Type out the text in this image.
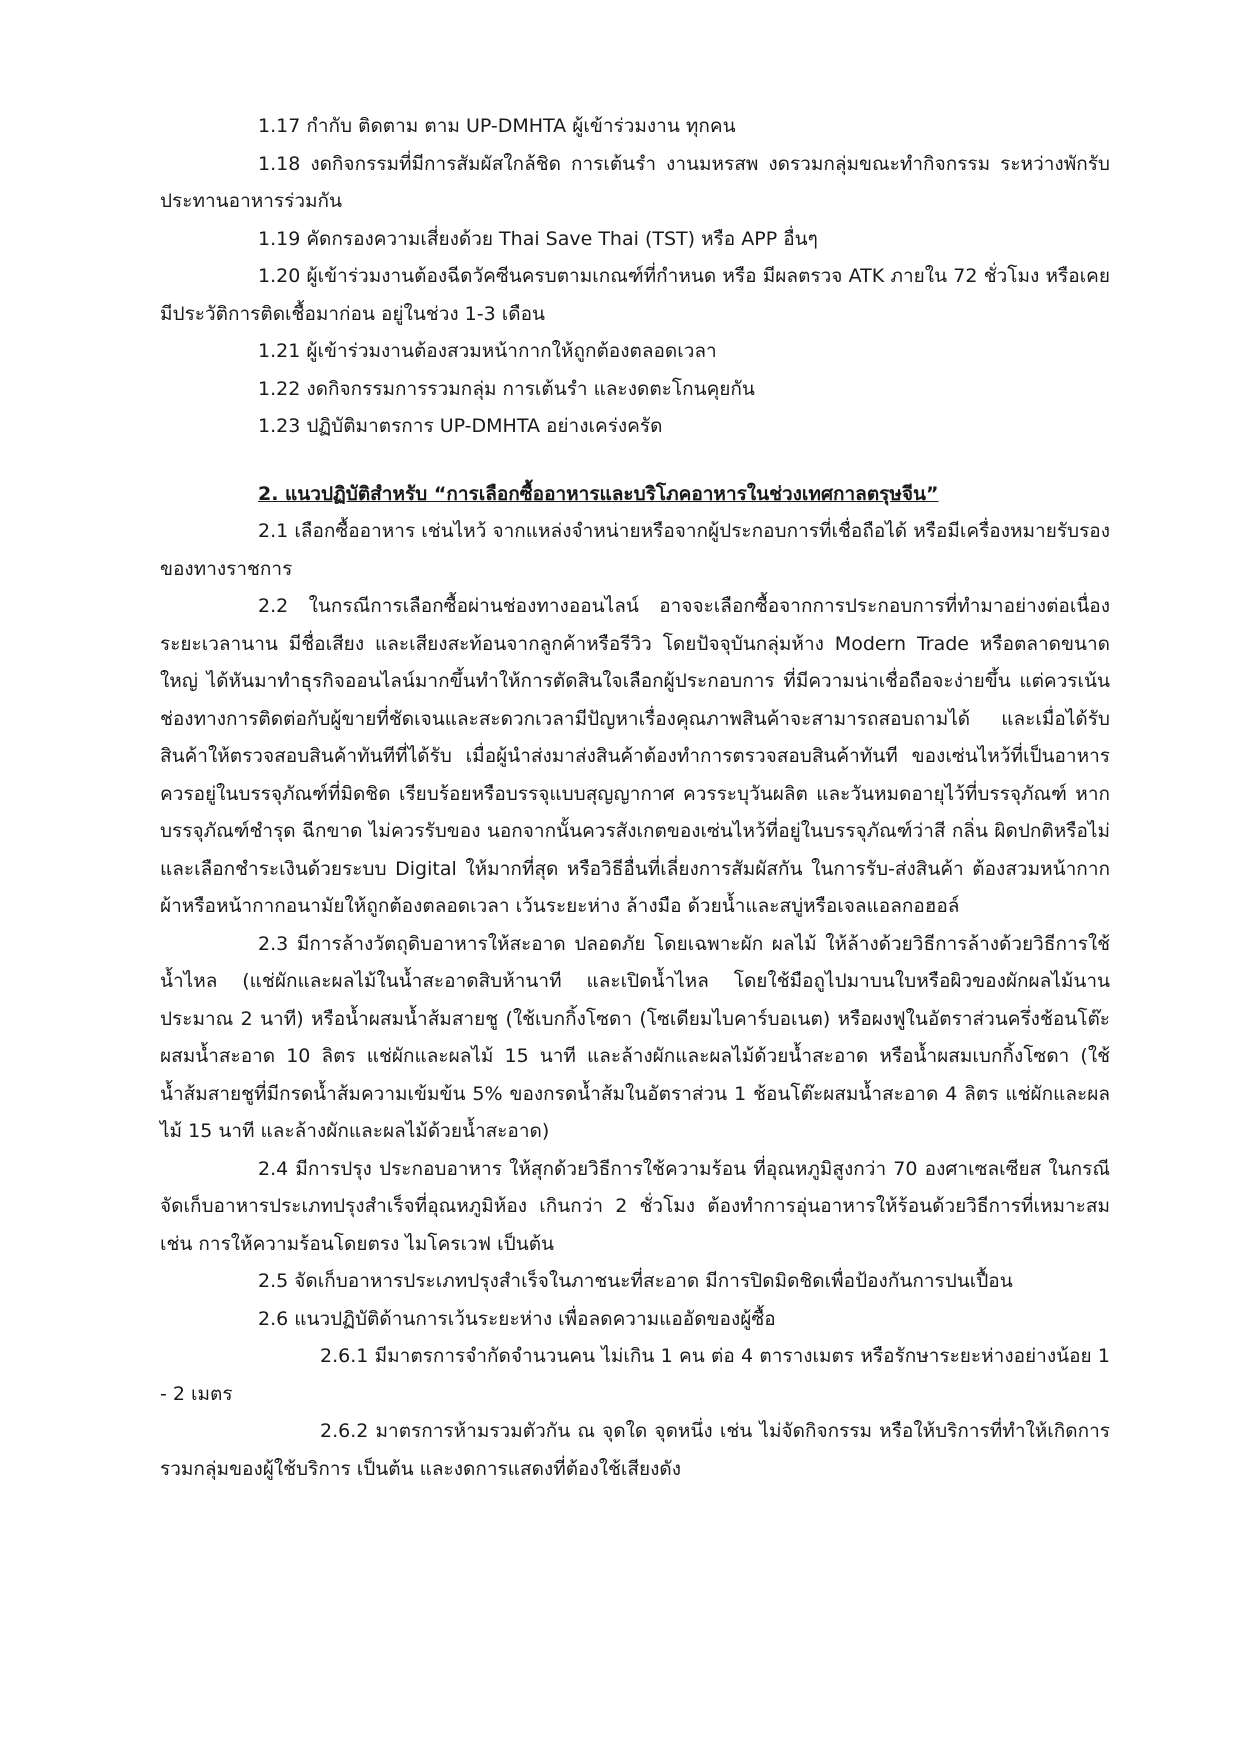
1.17 กำกับ ติดตาม ตาม UP-DMHTA ผู้เข้าร่วมงาน ทุกคน

1.18 งดกิจกรรมที่มีการสัมผัสใกล้ชิด การเต้นรำ งานมหรสพ งดรวมกลุ่มขณะทำกิจกรรม ระหว่างพักรับประทานอาหารร่วมกัน

1.19 คัดกรองความเสี่ยงด้วย Thai Save Thai (TST) หรือ APP อื่นๆ

1.20 ผู้เข้าร่วมงานต้องฉีดวัคซีนครบตามเกณฑ์ที่กำหนด หรือ มีผลตรวจ ATK ภายใน 72 ชั่วโมง หรือเคยมีประวัติการติดเชื้อมาก่อน อยู่ในช่วง 1-3 เดือน

1.21 ผู้เข้าร่วมงานต้องสวมหน้ากากให้ถูกต้องตลอดเวลา

1.22 งดกิจกรรมการรวมกลุ่ม การเต้นรำ และงดตะโกนคุยกัน

1.23 ปฏิบัติมาตรการ UP-DMHTA อย่างเคร่งครัด

2. แนวปฏิบัติสำหรับ “การเลือกซื้ออาหารและบริโภคอาหารในช่วงเทศกาลตรุษจีน”

2.1 เลือกซื้ออาหาร เช่นไหว้ จากแหล่งจำหน่ายหรือจากผู้ประกอบการที่เชื่อถือได้ หรือมีเครื่องหมายรับรองของทางราชการ

2.2 ในกรณีการเลือกซื้อผ่านช่องทางออนไลน์ อาจจะเลือกซื้อจากการประกอบการที่ทำมาอย่างต่อเนื่องระยะเวลานาน มีชื่อเสียง และเสียงสะท้อนจากลูกค้าหรือรีวิว โดยปัจจุบันกลุ่มห้าง Modern Trade หรือตลาดขนาดใหญ่ ได้หันมาทำธุรกิจออนไลน์มากขึ้นทำให้การตัดสินใจเลือกผู้ประกอบการ ที่มีความน่าเชื่อถือจะง่ายขึ้น แต่ควรเน้นช่องทางการติดต่อกับผู้ขายที่ชัดเจนและสะดวกเวลามีปัญหาเรื่องคุณภาพสินค้าจะสามารถสอบถามได้ และเมื่อได้รับสินค้าให้ตรวจสอบสินค้าทันทีที่ได้รับ เมื่อผู้นำส่งมาส่งสินค้าต้องทำการตรวจสอบสินค้าทันที ของเซ่นไหว้ที่เป็นอาหารควรอยู่ในบรรจุภัณฑ์ที่มิดชิด เรียบร้อยหรือบรรจุแบบสุญญากาศ ควรระบุวันผลิต และวันหมดอายุไว้ที่บรรจุภัณฑ์ หากบรรจุภัณฑ์ชำรุด ฉีกขาด ไม่ควรรับของ นอกจากนั้นควรสังเกตของเซ่นไหว้ที่อยู่ในบรรจุภัณฑ์ว่าสี กลิ่น ผิดปกติหรือไม่ และเลือกชำระเงินด้วยระบบ Digital ให้มากที่สุด หรือวิธีอื่นที่เลี่ยงการสัมผัสกัน ในการรับ-ส่งสินค้า ต้องสวมหน้ากากผ้าหรือหน้ากากอนามัยให้ถูกต้องตลอดเวลา เว้นระยะห่าง ล้างมือ ด้วยน้ำและสบู่หรือเจลแอลกอฮอล์

2.3 มีการล้างวัตถุดิบอาหารให้สะอาด ปลอดภัย โดยเฉพาะผัก ผลไม้ ให้ล้างด้วยวิธีการล้างด้วยวิธีการใช้น้ำไหล (แช่ผักและผลไม้ในน้ำสะอาดสิบห้านาที และเปิดน้ำไหล โดยใช้มือถูไปมาบนใบหรือผิวของผักผลไม้นานประมาณ 2 นาที) หรือน้ำผสมน้ำส้มสายชู (ใช้เบกกิ้งโซดา (โซเดียมไบคาร์บอเนต) หรือผงฟูในอัตราส่วนครึ่งช้อนโต๊ะผสมน้ำสะอาด 10 ลิตร แช่ผักและผลไม้ 15 นาที และล้างผักและผลไม้ด้วยน้ำสะอาด หรือน้ำผสมเบกกิ้งโซดา (ใช้น้ำส้มสายชูที่มีกรดน้ำส้มความเข้มข้น 5% ของกรดน้ำส้มในอัตราส่วน 1 ช้อนโต๊ะผสมน้ำสะอาด 4 ลิตร แช่ผักและผลไม้ 15 นาที และล้างผักและผลไม้ด้วยน้ำสะอาด)

2.4 มีการปรุง ประกอบอาหาร ให้สุกด้วยวิธีการใช้ความร้อน ที่อุณหภูมิสูงกว่า 70 องศาเซลเซียส ในกรณีจัดเก็บอาหารประเภทปรุงสำเร็จที่อุณหภูมิห้อง เกินกว่า 2 ชั่วโมง ต้องทำการอุ่นอาหารให้ร้อนด้วยวิธีการที่เหมาะสม เช่น การให้ความร้อนโดยตรง ไมโครเวฟ เป็นต้น

2.5 จัดเก็บอาหารประเภทปรุงสำเร็จในภาชนะที่สะอาด มีการปิดมิดชิดเพื่อป้องกันการปนเปื้อน

2.6 แนวปฏิบัติด้านการเว้นระยะห่าง เพื่อลดความแออัดของผู้ซื้อ

2.6.1 มีมาตรการจำกัดจำนวนคน ไม่เกิน 1 คน ต่อ 4 ตารางเมตร หรือรักษาระยะห่างอย่างน้อย 1 - 2 เมตร

2.6.2 มาตรการห้ามรวมตัวกัน ณ จุดใด จุดหนึ่ง เช่น ไม่จัดกิจกรรม หรือให้บริการที่ทำให้เกิดการรวมกลุ่มของผู้ใช้บริการ เป็นต้น และงดการแสดงที่ต้องใช้เสียงดัง
